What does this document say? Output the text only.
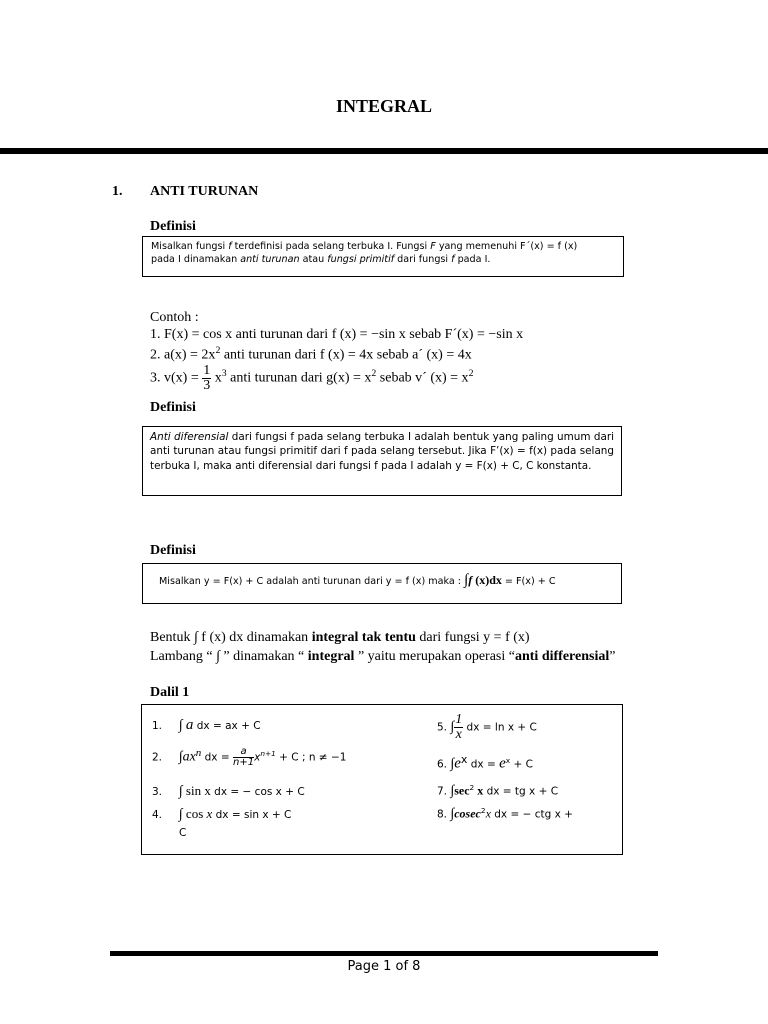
INTEGRAL
1. ANTI TURUNAN
Definisi
Misalkan fungsi f terdefinisi pada selang terbuka I. Fungsi F yang memenuhi F´(x) = f (x)
pada I dinamakan anti turunan atau fungsi primitif dari fungsi f pada I.
Contoh :
1. F(x) = cos x anti turunan dari f (x) = −sin x sebab F´(x) = −sin x
2. $a(x) = 2x^2$ anti turunan dari f (x) = 4x sebab a´ (x) = 4x
3. $v(x) = \frac{1}{3} x^3$ anti turunan dari $g(x) = x^2$ sebab v´ $(x) = x^2$
Definisi
Anti diferensial dari fungsi f pada selang terbuka I adalah bentuk yang paling umum dari anti turunan atau fungsi primitif dari f pada selang tersebut. Jika F’(x) = f(x) pada selang terbuka I, maka anti diferensial dari fungsi f pada I adalah y = F(x) + C, C konstanta.
Definisi
Misalkan y = F(x) + C adalah anti turunan dari y = f (x) maka : ∫f (x)dx = F(x) + C
Bentuk ∫ f (x) dx dinamakan integral tak tentu dari fungsi y = f (x)
Lambang “ ∫ ” dinamakan “ integral ” yaitu merupakan operasi “anti differensial”
Dalil 1
1. ∫ a dx = ax + C
2. $\int ax^n$ dx = $\frac{a}{n+1} x^{n+1} + C$ ; n ≠ −1
3. ∫ sin x dx = − cos x + C
4. ∫ cos x dx = sin x + C
C
5. ∫ $\frac{1}{x}$ dx = ln x + C
6. $\int e^x$ dx = $e^x + C$
7. $\int\sec^2$ x dx = tg x + C
8. ∫cosec$^2$x dx = − ctg x +
Page 1 of 8
